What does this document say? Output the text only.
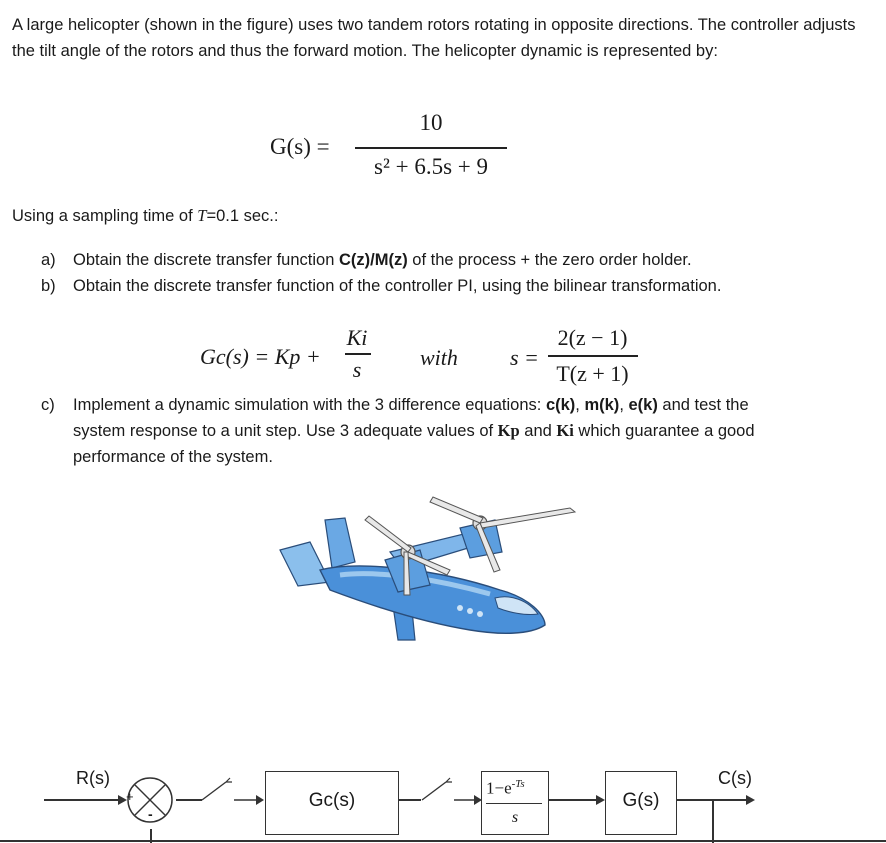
A large helicopter (shown in the figure) uses two tandem rotors rotating in opposite directions. The controller adjusts the tilt angle of the rotors and thus the forward motion. The helicopter dynamic is represented by:
G(s) =
10
s² + 6.5s + 9
Using a sampling time of T=0.1 sec.:
a) Obtain the discrete transfer function C(z)/M(z) of the process + the zero order holder.
b) Obtain the discrete transfer function of the controller PI, using the bilinear transformation.
Gc(s) = Kp +
Ki
s	with s =
2(z − 1)
T(z + 1)
c) Implement a dynamic simulation with the 3 difference equations: c(k), m(k), e(k) and test the system response to a unit step. Use 3 adequate values of Kp and Ki which guarantee a good performance of the system.
R(s)
+
-
Gc(s)
$1-e^{-Ts}$
s
G(s)
C(s)
